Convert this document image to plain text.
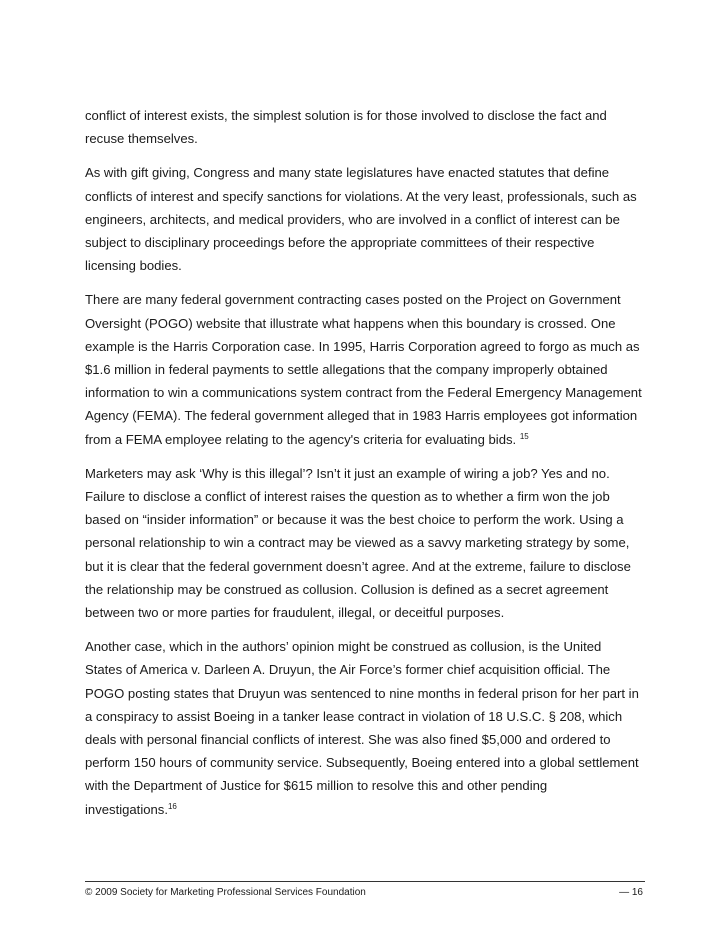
conflict of interest exists, the simplest solution is for those involved to disclose the fact and
recuse themselves.

As with gift giving, Congress and many state legislatures have enacted statutes that define
conflicts of interest and specify sanctions for violations. At the very least, professionals, such as
engineers, architects, and medical providers, who are involved in a conflict of interest can be
subject to disciplinary proceedings before the appropriate committees of their respective
licensing bodies.

There are many federal government contracting cases posted on the Project on Government
Oversight (POGO) website that illustrate what happens when this boundary is crossed. One
example is the Harris Corporation case. In 1995, Harris Corporation agreed to forgo as much as
$1.6 million in federal payments to settle allegations that the company improperly obtained
information to win a communications system contract from the Federal Emergency Management
Agency (FEMA). The federal government alleged that in 1983 Harris employees got information
from a FEMA employee relating to the agency's criteria for evaluating bids. $^{15}$

Marketers may ask ‘Why is this illegal’? Isn’t it just an example of wiring a job? Yes and no.
Failure to disclose a conflict of interest raises the question as to whether a firm won the job
based on “insider information” or because it was the best choice to perform the work. Using a
personal relationship to win a contract may be viewed as a savvy marketing strategy by some,
but it is clear that the federal government doesn’t agree. And at the extreme, failure to disclose
the relationship may be construed as collusion. Collusion is defined as a secret agreement
between two or more parties for fraudulent, illegal, or deceitful purposes.

Another case, which in the authors’ opinion might be construed as collusion, is the United
States of America v. Darleen A. Druyun, the Air Force’s former chief acquisition official. The
POGO posting states that Druyun was sentenced to nine months in federal prison for her part in
a conspiracy to assist Boeing in a tanker lease contract in violation of 18 U.S.C. § 208, which
deals with personal financial conflicts of interest. She was also fined $5,000 and ordered to
perform 150 hours of community service. Subsequently, Boeing entered into a global settlement
with the Department of Justice for $615 million to resolve this and other pending
investigations.$^{16}$

© 2009 Society for Marketing Professional Services Foundation	— 16
